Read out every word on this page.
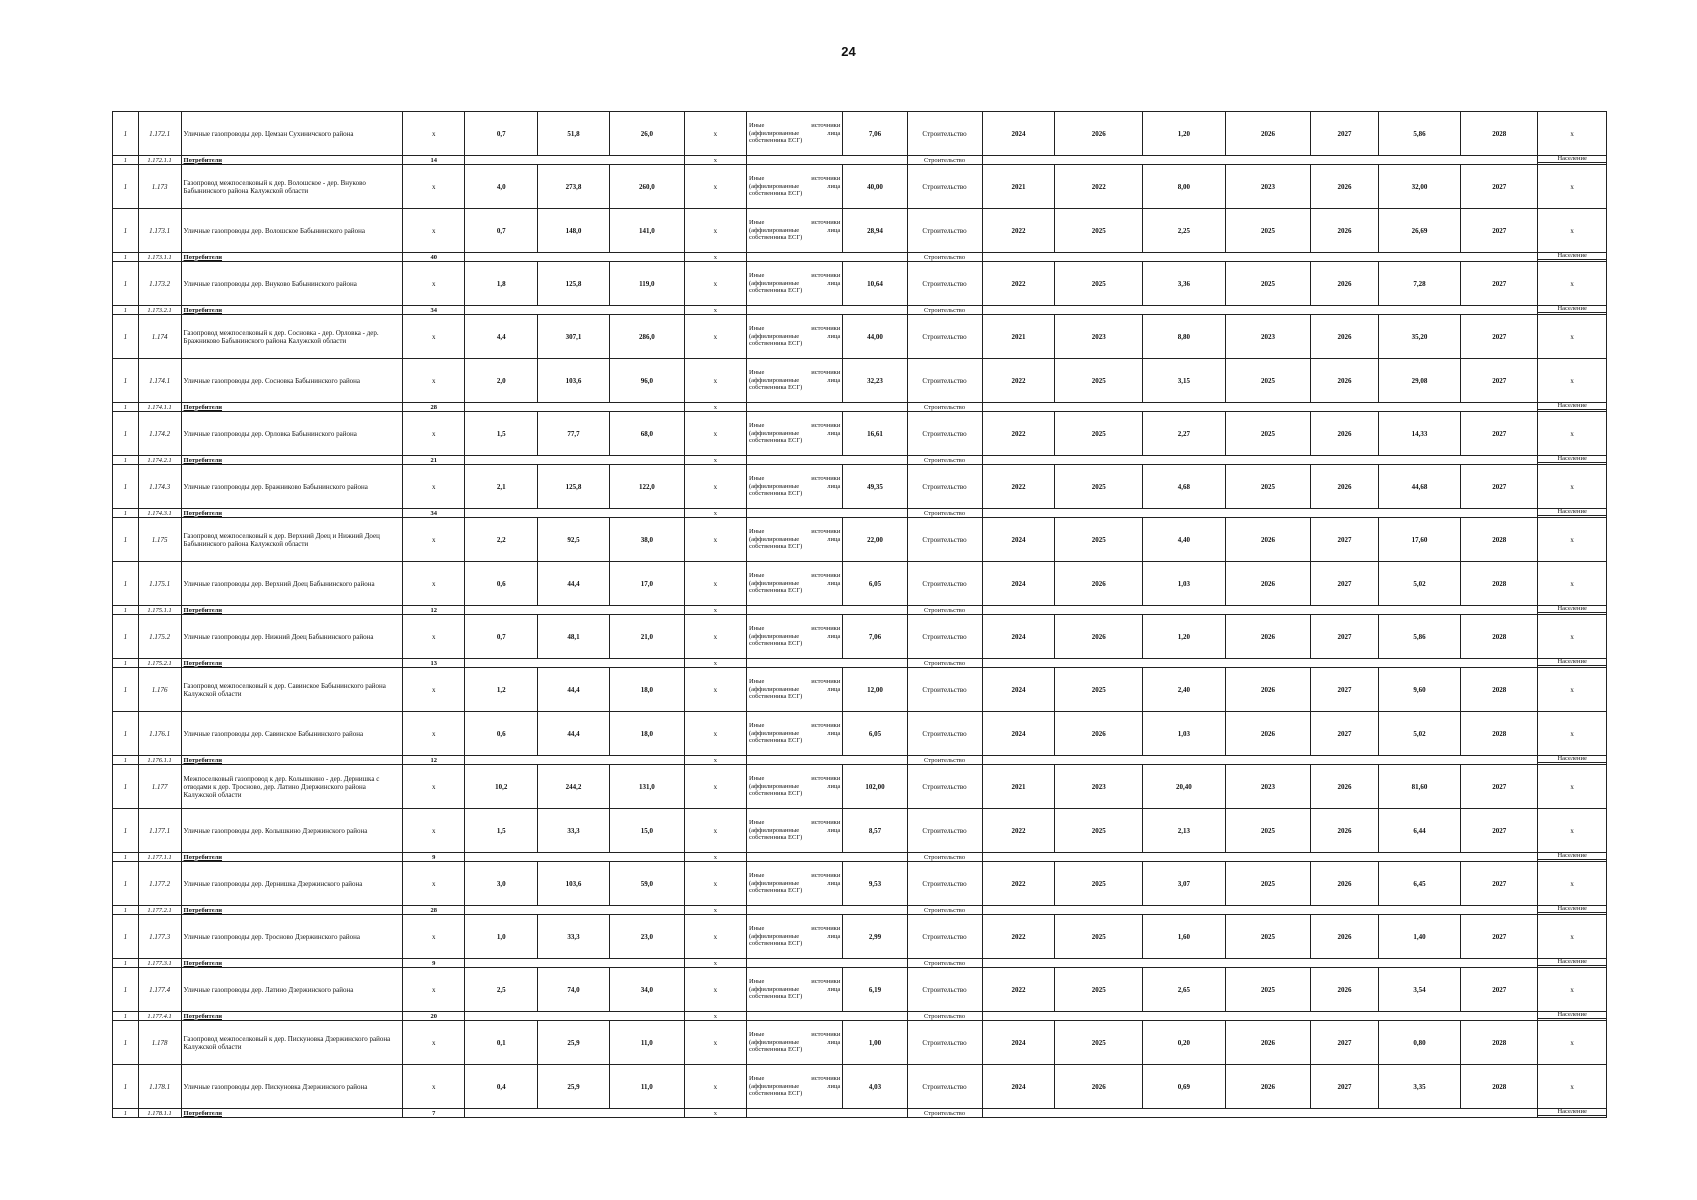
24
1	1.172.1	Уличные газопроводы дер. Цемзан Сухиничского района	x	0,7	51,8	26,0	x	Иные источники (аффилированные лица собственника ЕСГ)	7,06	Строительство	2024	2026	1,20	2026	2027	5,86	2028	x
1	1.172.1.1	Потребители	14				x			Строительство								Население

1	1.173	Газопровод межпоселковый к дер. Волошское - дер. Внуково Бабынинского района Калужской области	x	4,0	273,8	260,0	x	Иные источники (аффилированные лица собственника ЕСГ)	40,00	Строительство	2021	2022	8,00	2023	2026	32,00	2027	x
1	1.173.1	Уличные газопроводы дер. Волошское Бабынинского района	x	0,7	148,0	141,0	x	Иные источники (аффилированные лица собственника ЕСГ)	28,94	Строительство	2022	2025	2,25	2025	2026	26,69	2027	x
1	1.173.1.1	Потребители	40				x			Строительство								Население

1	1.173.2	Уличные газопроводы дер. Внуково Бабынинского района	x	1,8	125,8	119,0	x	Иные источники (аффилированные лица собственника ЕСГ)	10,64	Строительство	2022	2025	3,36	2025	2026	7,28	2027	x
1	1.173.2.1	Потребители	34				x			Строительство								Население

1	1.174	Газопровод межпоселковый к дер. Сосновка - дер. Орловка - дер. Бражниково Бабынинского района Калужской области	x	4,4	307,1	286,0	x	Иные источники (аффилированные лица собственника ЕСГ)	44,00	Строительство	2021	2023	8,80	2023	2026	35,20	2027	x
1	1.174.1	Уличные газопроводы дер. Сосновка Бабынинского района	x	2,0	103,6	96,0	x	Иные источники (аффилированные лица собственника ЕСГ)	32,23	Строительство	2022	2025	3,15	2025	2026	29,08	2027	x
1	1.174.1.1	Потребители	28				x			Строительство								Население

1	1.174.2	Уличные газопроводы дер. Орловка Бабынинского района	x	1,5	77,7	68,0	x	Иные источники (аффилированные лица собственника ЕСГ)	16,61	Строительство	2022	2025	2,27	2025	2026	14,33	2027	x
1	1.174.2.1	Потребители	21				x			Строительство								Население

1	1.174.3	Уличные газопроводы дер. Бражниково Бабынинского района	x	2,1	125,8	122,0	x	Иные источники (аффилированные лица собственника ЕСГ)	49,35	Строительство	2022	2025	4,68	2025	2026	44,68	2027	x
1	1.174.3.1	Потребители	34				x			Строительство								Население

1	1.175	Газопровод межпоселковый к дер. Верхний Доец и Нижний Доец Бабынинского района Калужской области	x	2,2	92,5	38,0	x	Иные источники (аффилированные лица собственника ЕСГ)	22,00	Строительство	2024	2025	4,40	2026	2027	17,60	2028	x
1	1.175.1	Уличные газопроводы дер. Верхний Доец Бабынинского района	x	0,6	44,4	17,0	x	Иные источники (аффилированные лица собственника ЕСГ)	6,05	Строительство	2024	2026	1,03	2026	2027	5,02	2028	x
1	1.175.1.1	Потребители	12				x			Строительство								Население

1	1.175.2	Уличные газопроводы дер. Нижний Доец Бабынинского района	x	0,7	48,1	21,0	x	Иные источники (аффилированные лица собственника ЕСГ)	7,06	Строительство	2024	2026	1,20	2026	2027	5,86	2028	x
1	1.175.2.1	Потребители	13				x			Строительство								Население

1	1.176	Газопровод межпоселковый к дер. Савинское Бабынинского района Калужской области	x	1,2	44,4	18,0	x	Иные источники (аффилированные лица собственника ЕСГ)	12,00	Строительство	2024	2025	2,40	2026	2027	9,60	2028	x
1	1.176.1	Уличные газопроводы дер. Савинское Бабынинского района	x	0,6	44,4	18,0	x	Иные источники (аффилированные лица собственника ЕСГ)	6,05	Строительство	2024	2026	1,03	2026	2027	5,02	2028	x
1	1.176.1.1	Потребители	12				x			Строительство								Население

1	1.177	Межпоселковый газопровод к дер. Колышкино - дер. Дернишка с отводами к дер. Тросново, дер. Латино Дзержинского района Калужской области	x	10,2	244,2	131,0	x	Иные источники (аффилированные лица собственника ЕСГ)	102,00	Строительство	2021	2023	20,40	2023	2026	81,60	2027	x
1	1.177.1	Уличные газопроводы дер. Колышкино Дзержинского района	x	1,5	33,3	15,0	x	Иные источники (аффилированные лица собственника ЕСГ)	8,57	Строительство	2022	2025	2,13	2025	2026	6,44	2027	x
1	1.177.1.1	Потребители	9				x			Строительство								Население

1	1.177.2	Уличные газопроводы дер. Дернишка Дзержинского района	x	3,0	103,6	59,0	x	Иные источники (аффилированные лица собственника ЕСГ)	9,53	Строительство	2022	2025	3,07	2025	2026	6,45	2027	x
1	1.177.2.1	Потребители	28				x			Строительство								Население

1	1.177.3	Уличные газопроводы дер. Тросново Дзержинского района	x	1,0	33,3	23,0	x	Иные источники (аффилированные лица собственника ЕСГ)	2,99	Строительство	2022	2025	1,60	2025	2026	1,40	2027	x
1	1.177.3.1	Потребители	9				x			Строительство								Население

1	1.177.4	Уличные газопроводы дер. Латино Дзержинского района	x	2,5	74,0	34,0	x	Иные источники (аффилированные лица собственника ЕСГ)	6,19	Строительство	2022	2025	2,65	2025	2026	3,54	2027	x
1	1.177.4.1	Потребители	20				x			Строительство								Население

1	1.178	Газопровод межпоселковый к дер. Пискуновка Дзержинского района Калужской области	x	0,1	25,9	11,0	x	Иные источники (аффилированные лица собственника ЕСГ)	1,00	Строительство	2024	2025	0,20	2026	2027	0,80	2028	x
1	1.178.1	Уличные газопроводы дер. Пискуновка Дзержинского района	x	0,4	25,9	11,0	x	Иные источники (аффилированные лица собственника ЕСГ)	4,03	Строительство	2024	2026	0,69	2026	2027	3,35	2028	x
1	1.178.1.1	Потребители	7				x			Строительство								Население
